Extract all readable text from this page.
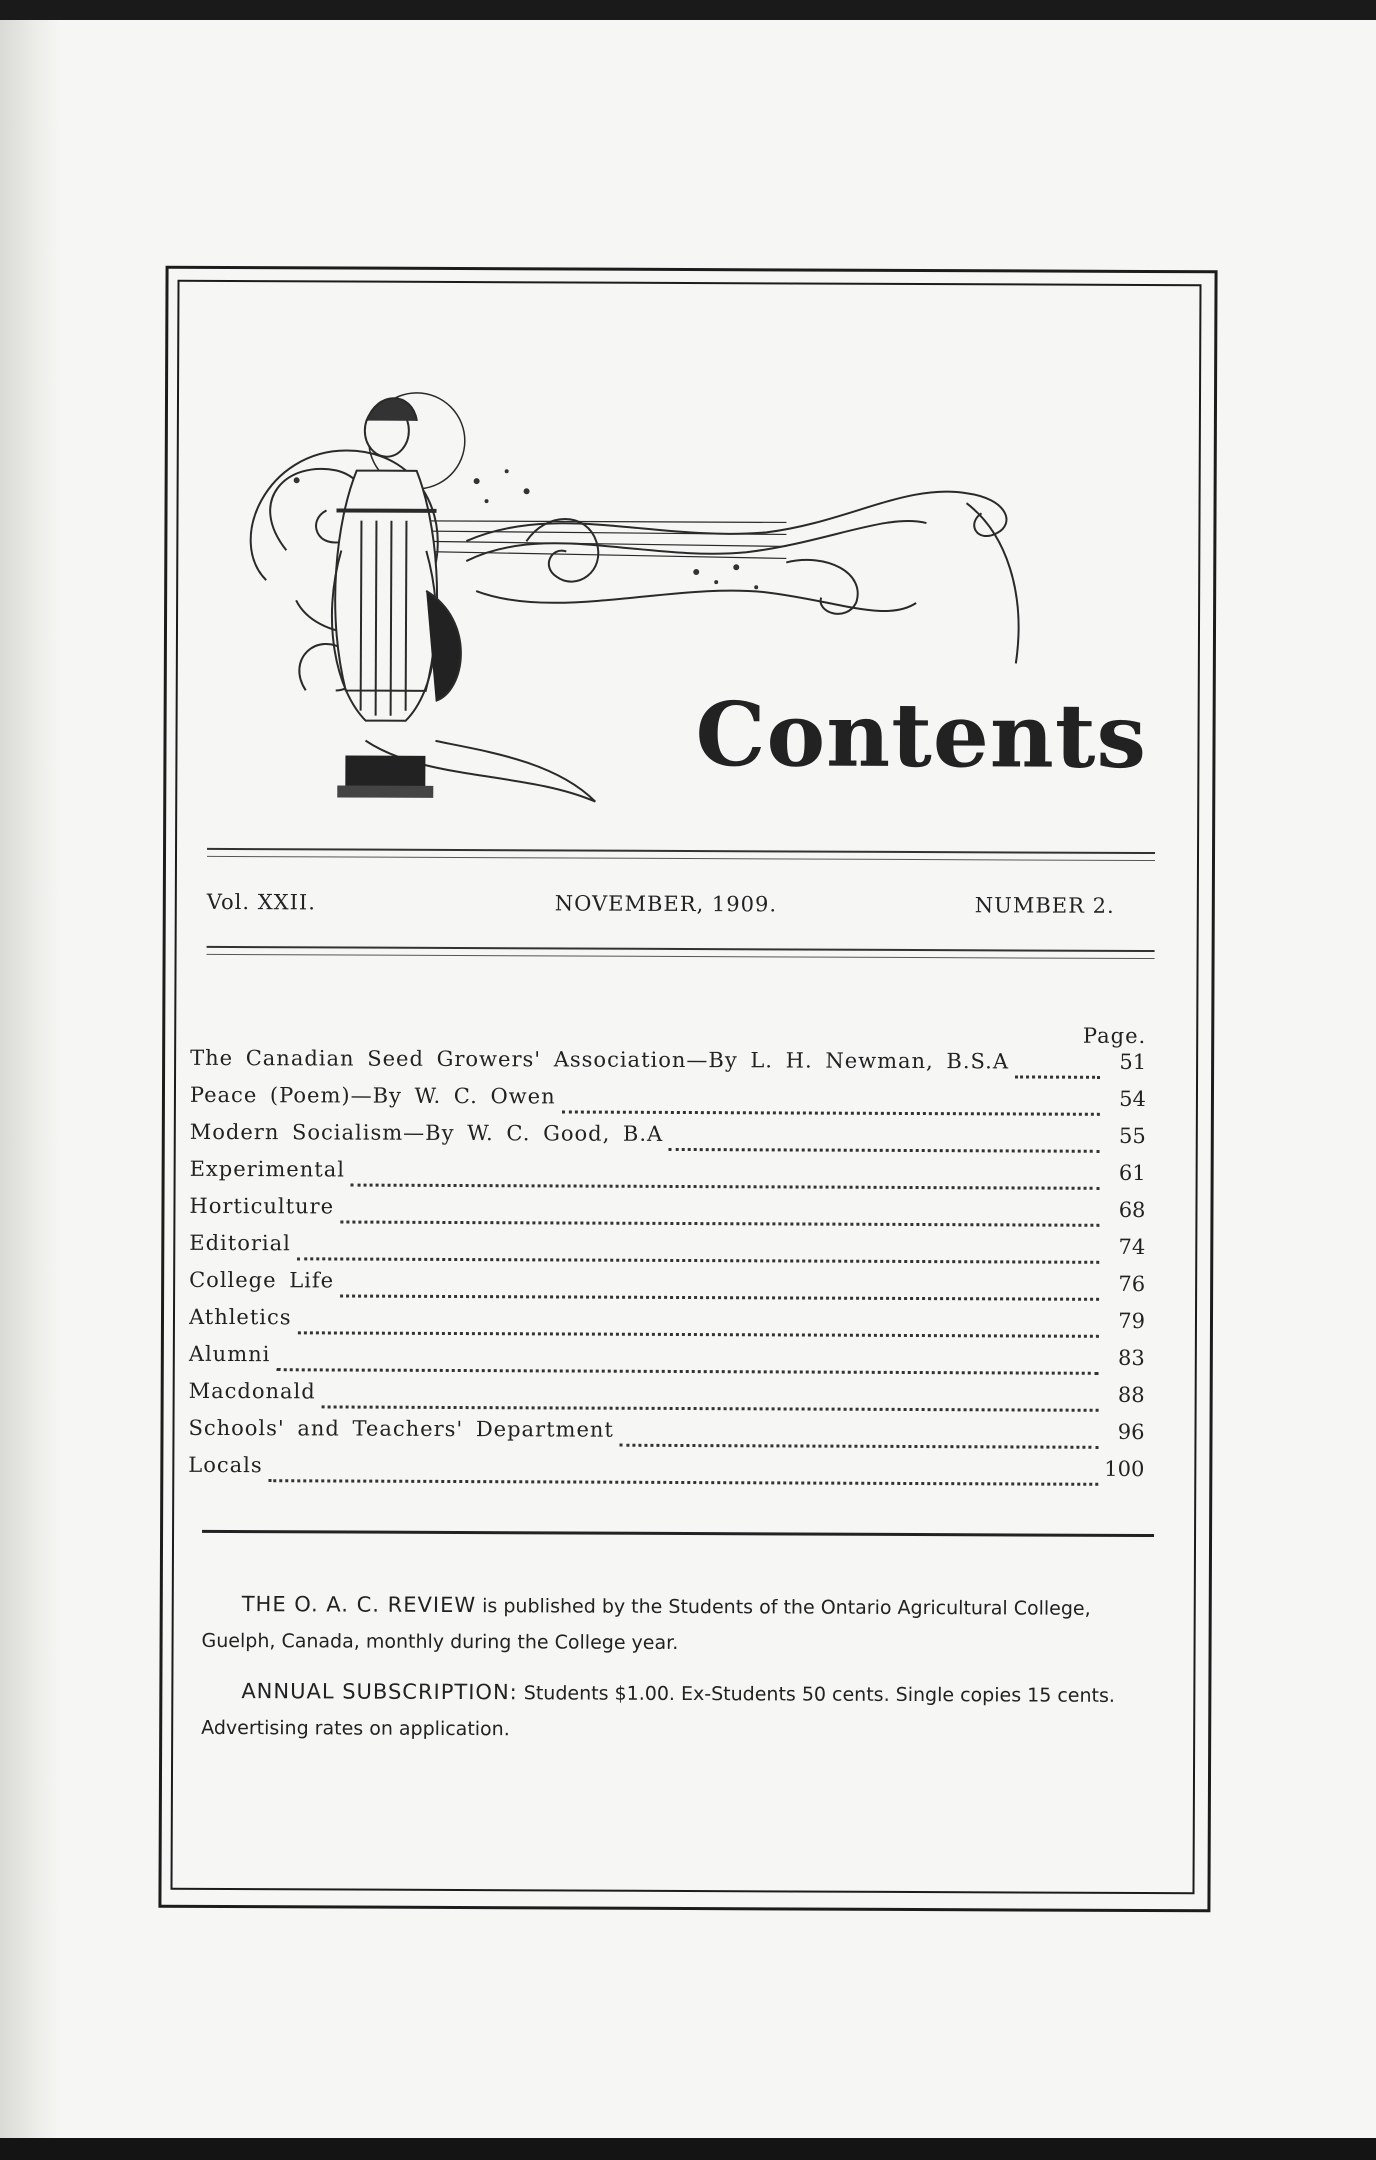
Contents
Vol. XXII.	NOVEMBER, 1909.	NUMBER 2.
Page.
The Canadian Seed Growers' Association—By L. H. Newman, B.S.A	51
Peace (Poem)—By W. C. Owen	54
Modern Socialism—By W. C. Good, B.A	55
Experimental	61
Horticulture	68
Editorial	74
College Life	76
Athletics	79
Alumni	83
Macdonald	88
Schools' and Teachers' Department	96
Locals	100

THE O. A. C. REVIEW is published by the Students of the Ontario Agricultural College, Guelph, Canada, monthly during the College year.

ANNUAL SUBSCRIPTION: Students $1.00. Ex-Students 50 cents. Single copies 15 cents. Advertising rates on application.
